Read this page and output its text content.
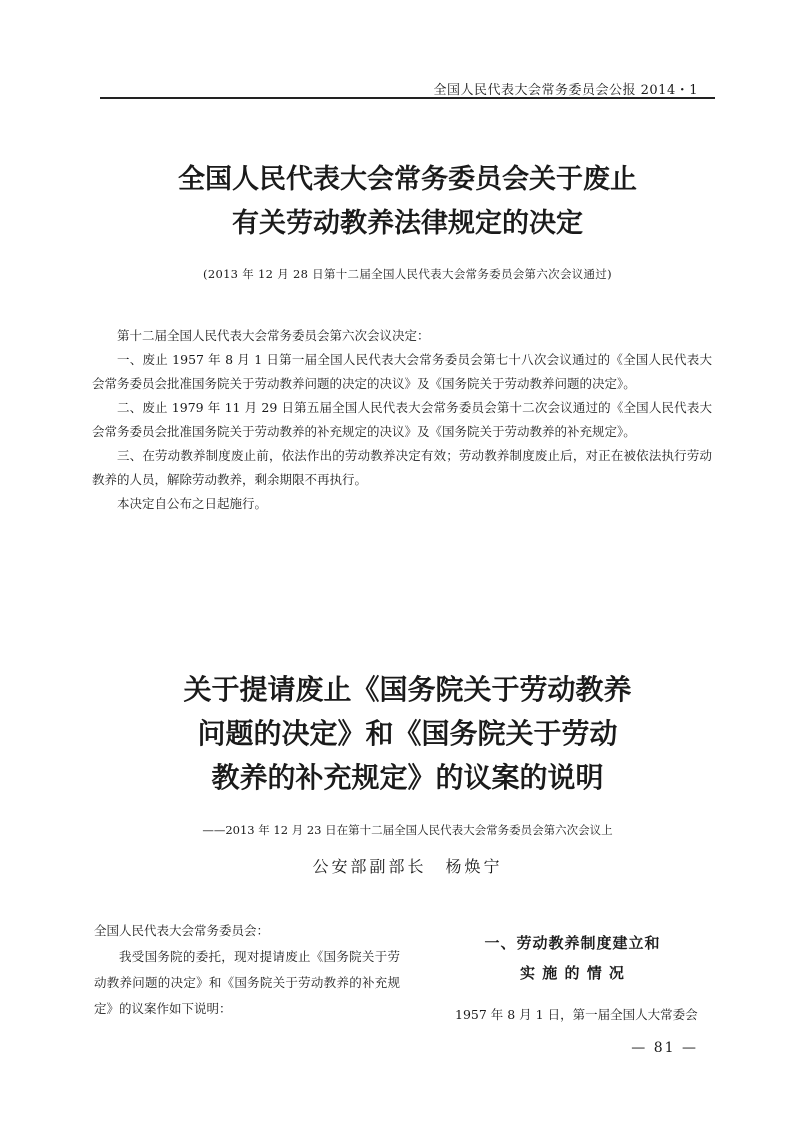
全国人民代表大会常务委员会公报 2014・1
全国人民代表大会常务委员会关于废止
有关劳动教养法律规定的决定
(2013 年 12 月 28 日第十二届全国人民代表大会常务委员会第六次会议通过)

第十二届全国人民代表大会常务委员会第六次会议决定：

一、废止 1957 年 8 月 1 日第一届全国人民代表大会常务委员会第七十八次会议通过的《全国人民代表大会常务委员会批准国务院关于劳动教养问题的决定的决议》及《国务院关于劳动教养问题的决定》。

二、废止 1979 年 11 月 29 日第五届全国人民代表大会常务委员会第十二次会议通过的《全国人民代表大会常务委员会批准国务院关于劳动教养的补充规定的决议》及《国务院关于劳动教养的补充规定》。

三、在劳动教养制度废止前，依法作出的劳动教养决定有效；劳动教养制度废止后，对正在被依法执行劳动教养的人员，解除劳动教养，剩余期限不再执行。

本决定自公布之日起施行。

关于提请废止《国务院关于劳动教养
问题的决定》和《国务院关于劳动
教养的补充规定》的议案的说明
——2013 年 12 月 23 日在第十二届全国人民代表大会常务委员会第六次会议上
公安部副部长　杨焕宁

全国人民代表大会常务委员会：

我受国务院的委托，现对提请废止《国务院关于劳动教养问题的决定》和《国务院关于劳动教养的补充规定》的议案作如下说明：

一、劳动教养制度建立和
实 施 的 情 况

1957 年 8 月 1 日，第一届全国人大常委会

— 81 —
